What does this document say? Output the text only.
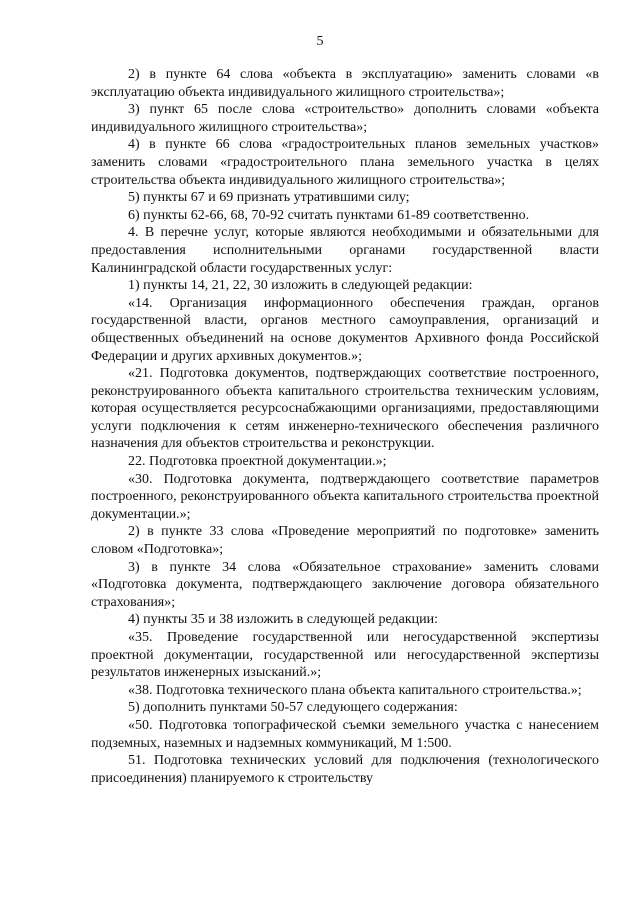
5

2) в пункте 64 слова «объекта в эксплуатацию» заменить словами «в эксплуатацию объекта индивидуального жилищного строительства»;

3) пункт 65 после слова «строительство» дополнить словами «объекта индивидуального жилищного строительства»;

4) в пункте 66 слова «градостроительных планов земельных участков» заменить словами «градостроительного плана земельного участка в целях строительства объекта индивидуального жилищного строительства»;

5) пункты 67 и 69 признать утратившими силу;

6) пункты 62-66, 68, 70-92 считать пунктами 61-89 соответственно.

4. В перечне услуг, которые являются необходимыми и обязательными для предоставления исполнительными органами государственной власти Калининградской области государственных услуг:

1) пункты 14, 21, 22, 30 изложить в следующей редакции:

«14. Организация информационного обеспечения граждан, органов государственной власти, органов местного самоуправления, организаций и общественных объединений на основе документов Архивного фонда Российской Федерации и других архивных документов.»;

«21. Подготовка документов, подтверждающих соответствие построенного, реконструированного объекта капитального строительства техническим условиям, которая осуществляется ресурсоснабжающими организациями, предоставляющими услуги подключения к сетям инженерно-технического обеспечения различного назначения для объектов строительства и реконструкции.

22. Подготовка проектной документации.»;

«30. Подготовка документа, подтверждающего соответствие параметров построенного, реконструированного объекта капитального строительства проектной документации.»;

2) в пункте 33 слова «Проведение мероприятий по подготовке» заменить словом «Подготовка»;

3) в пункте 34 слова «Обязательное страхование» заменить словами «Подготовка документа, подтверждающего заключение договора обязательного страхования»;

4) пункты 35 и 38 изложить в следующей редакции:

«35. Проведение государственной или негосударственной экспертизы проектной документации, государственной или негосударственной экспертизы результатов инженерных изысканий.»;

«38. Подготовка технического плана объекта капитального строительства.»;

5) дополнить пунктами 50-57 следующего содержания:

«50. Подготовка топографической съемки земельного участка с нанесением подземных, наземных и надземных коммуникаций, М 1:500.

51. Подготовка технических условий для подключения (технологического присоединения) планируемого к строительству
